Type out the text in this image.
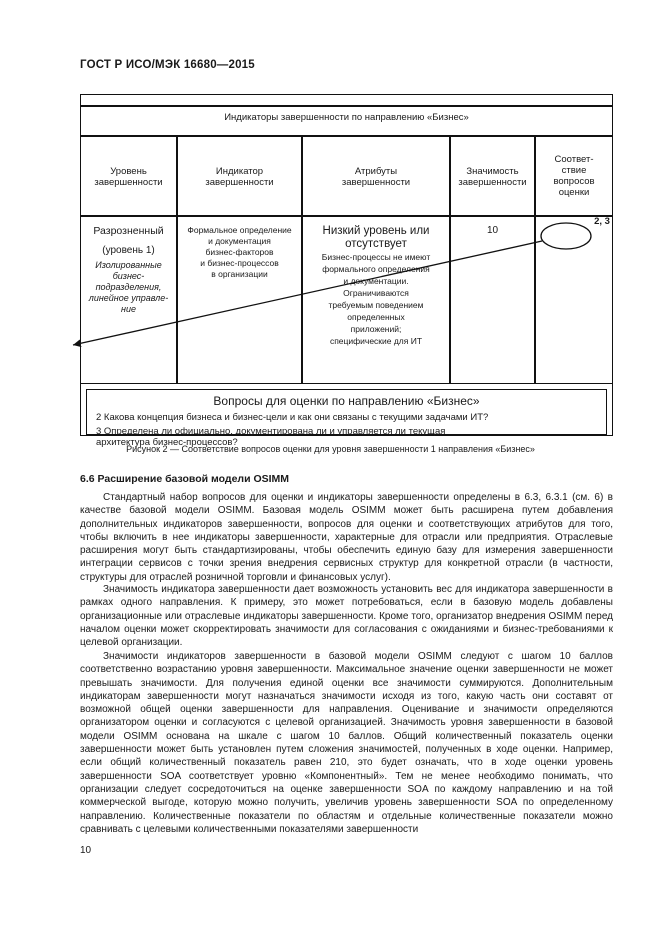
ГОСТ Р ИСО/МЭК 16680—2015
Индикаторы завершенности по направлению «Бизнес»
Уровень
завершенности
Индикатор
завершенности
Атрибуты
завершенности
Значимость
завершенности
Соответ-
ствие
вопросов
оценки
Разрозненный
(уровень 1)
Изолированные
бизнес-
подразделения,
линейное управле-
ние
Формальное определение
и документация
бизнес-факторов
и бизнес-процессов
в организации
Низкий уровень или
отсутствует
Бизнес-процессы не имеют
формального определения
и документации.
Ограничиваются
требуемым поведением
определенных
приложений;
специфические для ИТ
10
2, 3
Вопросы для оценки по направлению «Бизнес»
2 Какова концепция бизнеса и бизнес-цели и как они связаны с текущими задачами ИТ?
3 Определена ли официально, документирована ли и управляется ли текущая
архитектура бизнес-процессов?
Рисунок 2 — Соответствие вопросов оценки для уровня завершенности 1 направления «Бизнес»
6.6 Расширение базовой модели OSIMM
Стандартный набор вопросов для оценки и индикаторы завершенности определены в 6.3, 6.3.1 (см. 6) в качестве базовой модели OSIMM. Базовая модель OSIMM может быть расширена путем добавления дополнительных индикаторов завершенности, вопросов для оценки и соответствующих атрибутов для того, чтобы включить в нее индикаторы завершенности, характерные для отрасли или предприятия. Отраслевые расширения могут быть стандартизированы, чтобы обеспечить единую базу для измерения завершенности интеграции сервисов с точки зрения внедрения сервисных структур для конкретной отрасли (в частности, структуры для отраслей розничной торговли и финансовых услуг).
Значимость индикатора завершенности дает возможность установить вес для индикатора завершенности в рамках одного направления. К примеру, это может потребоваться, если в базовую модель добавлены организационные или отраслевые индикаторы завершенности. Кроме того, организатор внедрения OSIMM перед началом оценки может скорректировать значимости для согласования с ожиданиями и бизнес-требованиями к целевой организации.
Значимости индикаторов завершенности в базовой модели OSIMM следуют с шагом 10 баллов соответственно возрастанию уровня завершенности. Максимальное значение оценки завершенности не может превышать значимости. Для получения единой оценки все значимости суммируются. Дополнительным индикаторам завершенности могут назначаться значимости исходя из того, какую часть они составят от возможной общей оценки завершенности для направления. Оценивание и значимости определяются организатором оценки и согласуются с целевой организацией. Значимость уровня завершенности в базовой модели OSIMM основана на шкале с шагом 10 баллов. Общий количественный показатель оценки завершенности может быть установлен путем сложения значимостей, полученных в ходе оценки. Например, если общий количественный показатель равен 210, это будет означать, что в ходе оценки уровень завершенности SOA соответствует уровню «Компонентный». Тем не менее необходимо понимать, что организации следует сосредоточиться на оценке завершенности SOA по каждому направлению и на той коммерческой выгоде, которую можно получить, увеличив уровень завершенности SOA по определенному направлению. Количественные показатели по областям и отдельные количественные показатели можно сравнивать с целевыми количественными показателями завершенности
10
